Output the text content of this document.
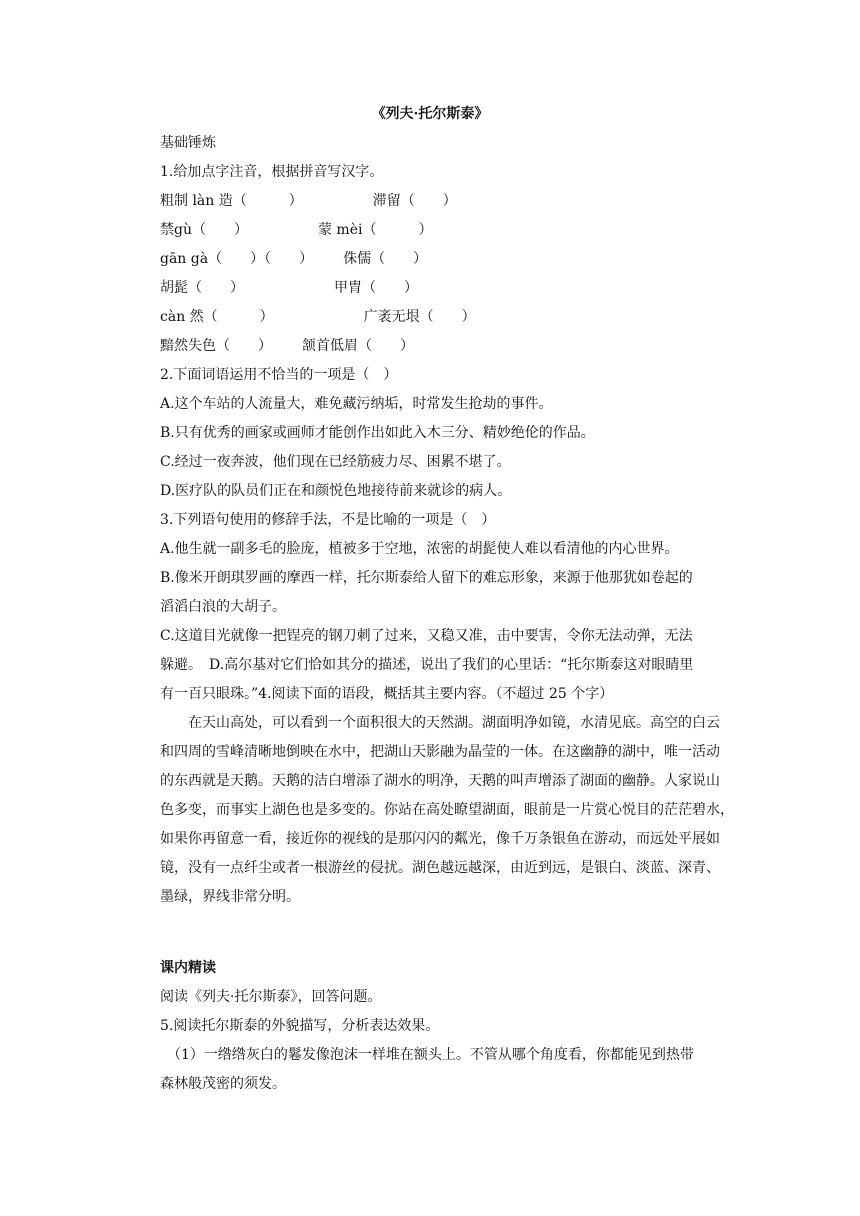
《列夫·托尔斯泰》
基础锤炼
1.给加点字注音，根据拼音写汉字。
粗制 làn 造（　　　）	滞留（　　）
禁gù（　　）	蒙 mèi（　　　）
gān gà（　　）（　　） 侏儒（　　）
胡髭（　　）	甲胄（　　）
càn 然（　　　）	广袤无垠（　　）
黯然失色（　　） 颔首低眉（　　）
2.下面词语运用不恰当的一项是（　）
A.这个车站的人流量大，难免藏污纳垢，时常发生抢劫的事件。
B.只有优秀的画家或画师才能创作出如此入木三分、精妙绝伦的作品。
C.经过一夜奔波，他们现在已经筋疲力尽、困累不堪了。
D.医疗队的队员们正在和颜悦色地接待前来就诊的病人。
3.下列语句使用的修辞手法，不是比喻的一项是（　）
A.他生就一副多毛的脸庞，植被多于空地，浓密的胡髭使人难以看清他的内心世界。
B.像米开朗琪罗画的摩西一样，托尔斯泰给人留下的难忘形象，来源于他那犹如卷起的
滔滔白浪的大胡子。
C.这道目光就像一把锃亮的钢刀刺了过来，又稳又准，击中要害，令你无法动弹，无法
躲避。　D.高尔基对它们恰如其分的描述，说出了我们的心里话：“托尔斯泰这对眼睛里
有一百只眼珠。”4.阅读下面的语段，概括其主要内容。（不超过 25 个字）
　　在天山高处，可以看到一个面积很大的天然湖。湖面明净如镜，水清见底。高空的白云
和四周的雪峰清晰地倒映在水中，把湖山天影融为晶莹的一体。在这幽静的湖中，唯一活动
的东西就是天鹅。天鹅的洁白增添了湖水的明净，天鹅的叫声增添了湖面的幽静。人家说山
色多变，而事实上湖色也是多变的。你站在高处瞭望湖面，眼前是一片赏心悦目的茫茫碧水，
如果你再留意一看，接近你的视线的是那闪闪的粼光，像千万条银鱼在游动，而远处平展如
镜，没有一点纤尘或者一根游丝的侵扰。湖色越远越深，由近到远，是银白、淡蓝、深青、
墨绿，界线非常分明。
课内精读
阅读《列夫·托尔斯泰》，回答问题。
5.阅读托尔斯泰的外貌描写，分析表达效果。
　（1）一绺绺灰白的鬈发像泡沫一样堆在额头上。不管从哪个角度看，你都能见到热带
森林般茂密的须发。
